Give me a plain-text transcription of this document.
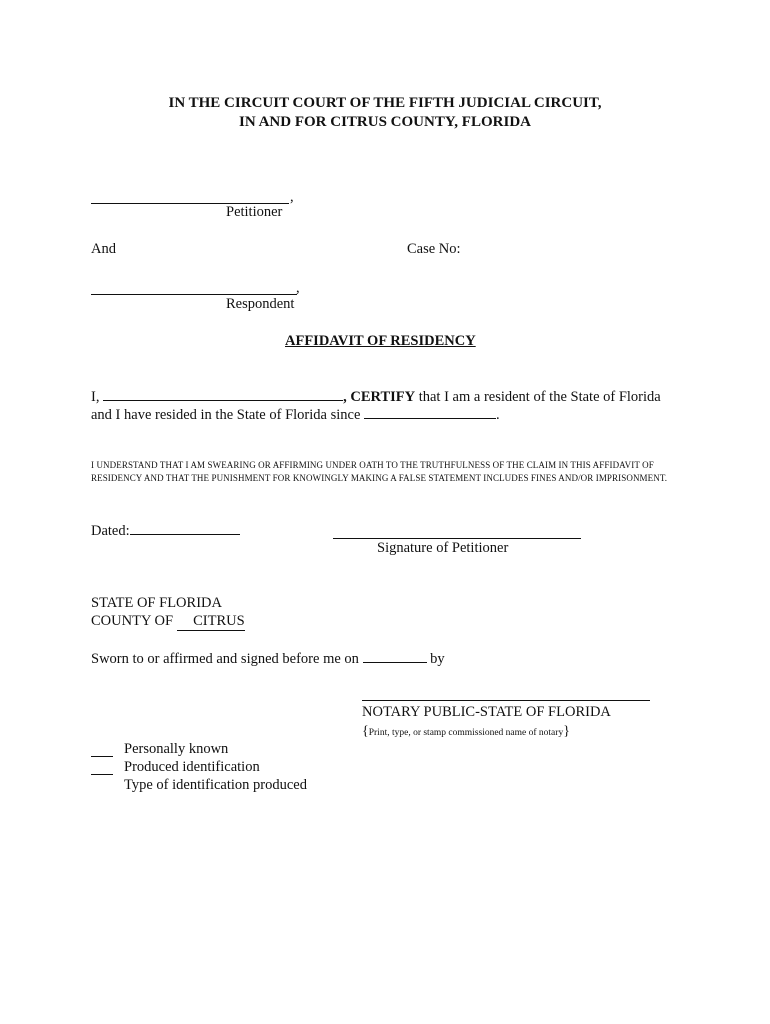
IN THE CIRCUIT COURT OF THE FIFTH JUDICIAL CIRCUIT,
IN AND FOR CITRUS COUNTY, FLORIDA
,
Petitioner
And	Case No:
,
Respondent
AFFIDAVIT OF RESIDENCY
I,	, CERTIFY that I am a resident of the State of Florida
and I have resided in the State of Florida since	.
I UNDERSTAND THAT I AM SWEARING OR AFFIRMING UNDER OATH TO THE TRUTHFULNESS OF THE CLAIM IN THIS AFFIDAVIT OF RESIDENCY AND THAT THE PUNISHMENT FOR KNOWINGLY MAKING A FALSE STATEMENT INCLUDES FINES AND/OR IMPRISONMENT.
Dated:
Signature of Petitioner
STATE OF FLORIDA
COUNTY OF CITRUS
Sworn to or affirmed and signed before me on	by
NOTARY PUBLIC-STATE OF FLORIDA
{Print, type, or stamp commissioned name of notary}
Personally known
Produced identification
Type of identification produced
